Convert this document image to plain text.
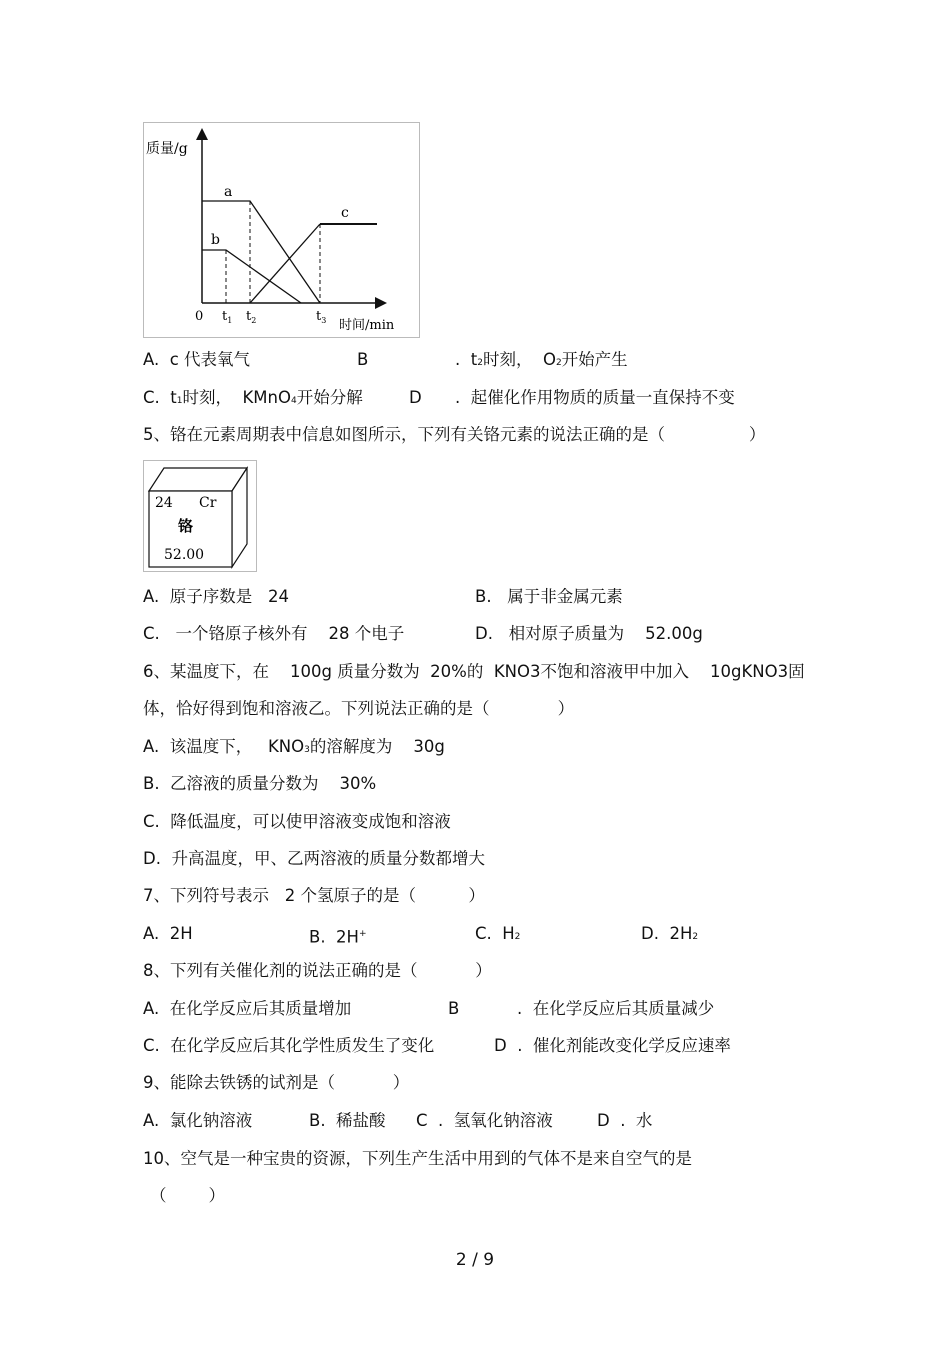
质量/g
a
b
c
0 $t_1$ $t_2$	$t_3$ 时间/min
A.  c 代表氧气	B	.  t2时刻，  O2开始产生
C.  t1时刻，  KMnO4开始分解	D .  起催化作用物质的质量一直保持不变
5、铬在元素周期表中信息如图所示，下列有关铬元素的说法正确的是（                ）
24 Cr
铬
52.00
A.  原子序数是   24	B.   属于非金属元素
C.   一个铬原子核外有    28 个电子	D.   相对原子质量为    52.00g
6、某温度下，在    100g 质量分数为  20%的  KNO3不饱和溶液甲中加入    10gKNO3固
体，恰好得到饱和溶液乙。下列说法正确的是（             ）
A.  该温度下，   KNO3的溶解度为    30g
B.  乙溶液的质量分数为    30%
C.  降低温度，可以使甲溶液变成饱和溶液
D.  升高温度，甲、乙两溶液的质量分数都增大
7、下列符号表示   2 个氢原子的是（          ）
A.  2H	B.  2H+	C.  H2	D.  2H2
8、下列有关催化剂的说法正确的是（           ）
A.  在化学反应后其质量增加	B	.  在化学反应后其质量减少
C.  在化学反应后其化学性质发生了变化	D  .  催化剂能改变化学反应速率
9、能除去铁锈的试剂是（           ）
A.  氯化钠溶液	B.  稀盐酸 C  .  氢氧化钠溶液	D  .  水
10、空气是一种宝贵的资源，下列生产生活中用到的气体不是来自空气的是
（        ）
2 / 9
